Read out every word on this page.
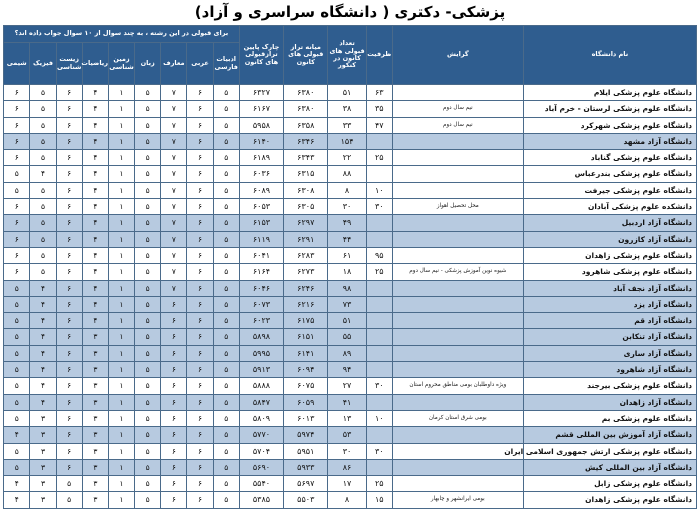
پزشکی- دکتری ( دانشگاه سراسری و آزاد)
نام دانشگاه	گرایش	ظرفیت	تعداد قبولی های کانون در کنکور	میانه تراز قبولی های کانون	چارک پایین ترازقبولی های کانون	برای قبولی در این رشته ، به چند سوال از ۱۰ سوال جواب داده اند؟								
						ادبیات فارسی	عربی	معارف	زبان	زمین شناسی	ریاضیات	زیست شناسی	فیزیک	شیمی
دانشگاه علوم پزشکی ایلام		۶۳	۵۱	۶۳۸۰	۶۳۲۷	۵	۶	۷	۵	۱	۴	۶	۵	۶
دانشگاه علوم پزشکی لرستان - خرم آباد	نیم سال دوم	۳۵	۳۸	۶۳۸۰	۶۱۶۷	۵	۶	۷	۵	۱	۴	۶	۵	۶
دانشگاه علوم پزشکی شهرکرد	نیم سال دوم	۴۷	۳۳	۶۳۵۸	۵۹۵۸	۵	۶	۷	۵	۱	۴	۶	۵	۶
دانشگاه آزاد مشهد			۱۵۴	۶۳۴۶	۶۱۴۰	۵	۶	۷	۵	۱	۴	۶	۵	۶
دانشگاه علوم پزشکی گناباد		۲۵	۲۲	۶۳۴۳	۶۱۸۹	۵	۶	۷	۵	۱	۴	۶	۵	۶
دانشگاه علوم پزشکی بندرعباس			۸۸	۶۳۱۵	۶۰۳۶	۵	۶	۷	۵	۱	۴	۶	۴	۵
دانشگاه علوم پزشکی جیرفت		۱۰	۸	۶۳۰۸	۶۰۸۹	۵	۶	۷	۵	۱	۴	۶	۵	۵
دانشکده علوم پزشکی آبادان	محل تحصیل اهواز	۳۰	۳۰	۶۳۰۵	۶۰۵۳	۵	۶	۷	۵	۱	۴	۶	۵	۶
دانشگاه آزاد اردبیل			۴۹	۶۲۹۷	۶۱۵۳	۵	۶	۷	۵	۱	۴	۶	۵	۶
دانشگاه آزاد کازرون			۴۴	۶۲۹۱	۶۱۱۹	۵	۶	۷	۵	۱	۴	۶	۵	۶
دانشگاه علوم پزشکی زاهدان		۹۵	۶۱	۶۲۸۳	۶۰۴۱	۵	۶	۷	۵	۱	۴	۶	۵	۶
دانشگاه علوم پزشکی شاهرود	شیوه نوین آموزش پزشکی - نیم سال دوم	۲۵	۱۸	۶۲۷۳	۶۱۶۴	۵	۶	۷	۵	۱	۴	۶	۵	۶
دانشگاه آزاد نجف آباد			۹۸	۶۲۴۶	۶۰۴۶	۵	۶	۷	۵	۱	۴	۶	۴	۵
دانشگاه آزاد یزد			۷۳	۶۲۱۶	۶۰۷۳	۵	۶	۶	۵	۱	۴	۶	۴	۵
دانشگاه آزاد قم			۵۱	۶۱۷۵	۶۰۲۳	۵	۶	۶	۵	۱	۴	۶	۴	۵
دانشگاه آزاد تنکابن			۵۵	۶۱۵۱	۵۸۹۸	۵	۶	۶	۵	۱	۳	۶	۴	۵
دانشگاه آزاد ساری			۸۹	۶۱۴۱	۵۹۹۵	۵	۶	۶	۵	۱	۳	۶	۴	۵
دانشگاه آزاد شاهرود			۹۴	۶۰۹۴	۵۹۱۳	۵	۶	۶	۵	۱	۳	۶	۴	۵
دانشگاه علوم پزشکی بیرجند	ویژه داوطلبان بومی مناطق محروم استان	۳۰	۲۷	۶۰۷۵	۵۸۸۸	۵	۶	۶	۵	۱	۳	۶	۴	۵
دانشگاه آزاد زاهدان			۴۱	۶۰۵۹	۵۸۴۷	۵	۶	۶	۵	۱	۳	۶	۴	۵
دانشگاه علوم پزشکی بم	بومی شرق استان کرمان	۱۰	۱۳	۶۰۱۳	۵۸۰۹	۵	۶	۶	۵	۱	۳	۶	۳	۵
دانشگاه آزاد آموزش بین المللی قشم			۵۳	۵۹۷۴	۵۷۷۰	۵	۶	۶	۵	۱	۳	۶	۳	۴
دانشگاه علوم پزشکی ارتش جمهوری اسلامی ایران		۳۰	۳۰	۵۹۵۱	۵۷۰۴	۵	۶	۶	۵	۱	۳	۶	۳	۵
دانشگاه آزاد بین المللی کیش			۸۶	۵۹۳۳	۵۶۹۰	۵	۶	۶	۵	۱	۳	۶	۳	۵
دانشگاه علوم پزشکی زابل		۲۵	۱۷	۵۶۹۷	۵۵۴۰	۵	۶	۶	۵	۱	۳	۵	۳	۴
دانشگاه علوم پزشکی زاهدان	بومی ایرانشهر و چابهار	۱۵	۸	۵۵۰۳	۵۳۸۵	۵	۶	۶	۵	۱	۳	۵	۳	۴
